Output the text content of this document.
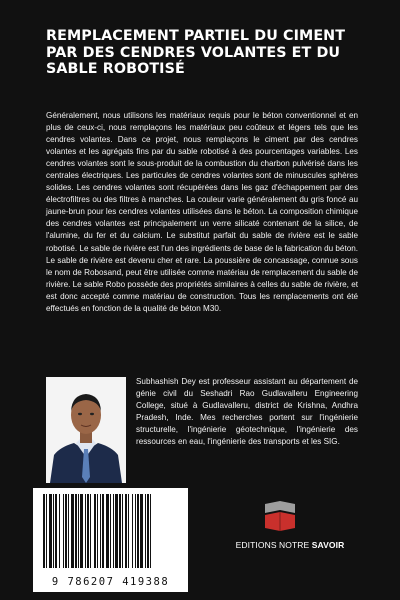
REMPLACEMENT PARTIEL DU CIMENT PAR DES CENDRES VOLANTES ET DU SABLE ROBOTISÉ

Généralement, nous utilisons les matériaux requis pour le béton conventionnel et en plus de ceux-ci, nous remplaçons les matériaux peu coûteux et légers tels que les cendres volantes. Dans ce projet, nous remplaçons le ciment par des cendres volantes et les agrégats fins par du sable robotisé à des pourcentages variables. Les cendres volantes sont le sous-produit de la combustion du charbon pulvérisé dans les centrales électriques. Les particules de cendres volantes sont de minuscules sphères solides. Les cendres volantes sont récupérées dans les gaz d'échappement par des électrofiltres ou des filtres à manches. La couleur varie généralement du gris foncé au jaune-brun pour les cendres volantes utilisées dans le béton. La composition chimique des cendres volantes est principalement un verre silicaté contenant de la silice, de l'alumine, du fer et du calcium. Le substitut parfait du sable de rivière est le sable robotisé. Le sable de rivière est l'un des ingrédients de base de la fabrication du béton. Le sable de rivière est devenu cher et rare. La poussière de concassage, connue sous le nom de Robosand, peut être utilisée comme matériau de remplacement du sable de rivière. Le sable Robo possède des propriétés similaires à celles du sable de rivière, et est donc accepté comme matériau de construction. Tous les remplacements ont été effectués en fonction de la qualité de béton M30.

Subhashish Dey est professeur assistant au département de génie civil du Seshadri Rao Gudlavalleru Engineering College, situé à Gudlavalleru, district de Krishna, Andhra Pradesh, Inde. Mes recherches portent sur l'ingénierie structurelle, l'ingénierie géotechnique, l'ingénierie des ressources en eau, l'ingénierie des transports et les SIG.

9 786207 419388
EDITIONS NOTRE SAVOIR
